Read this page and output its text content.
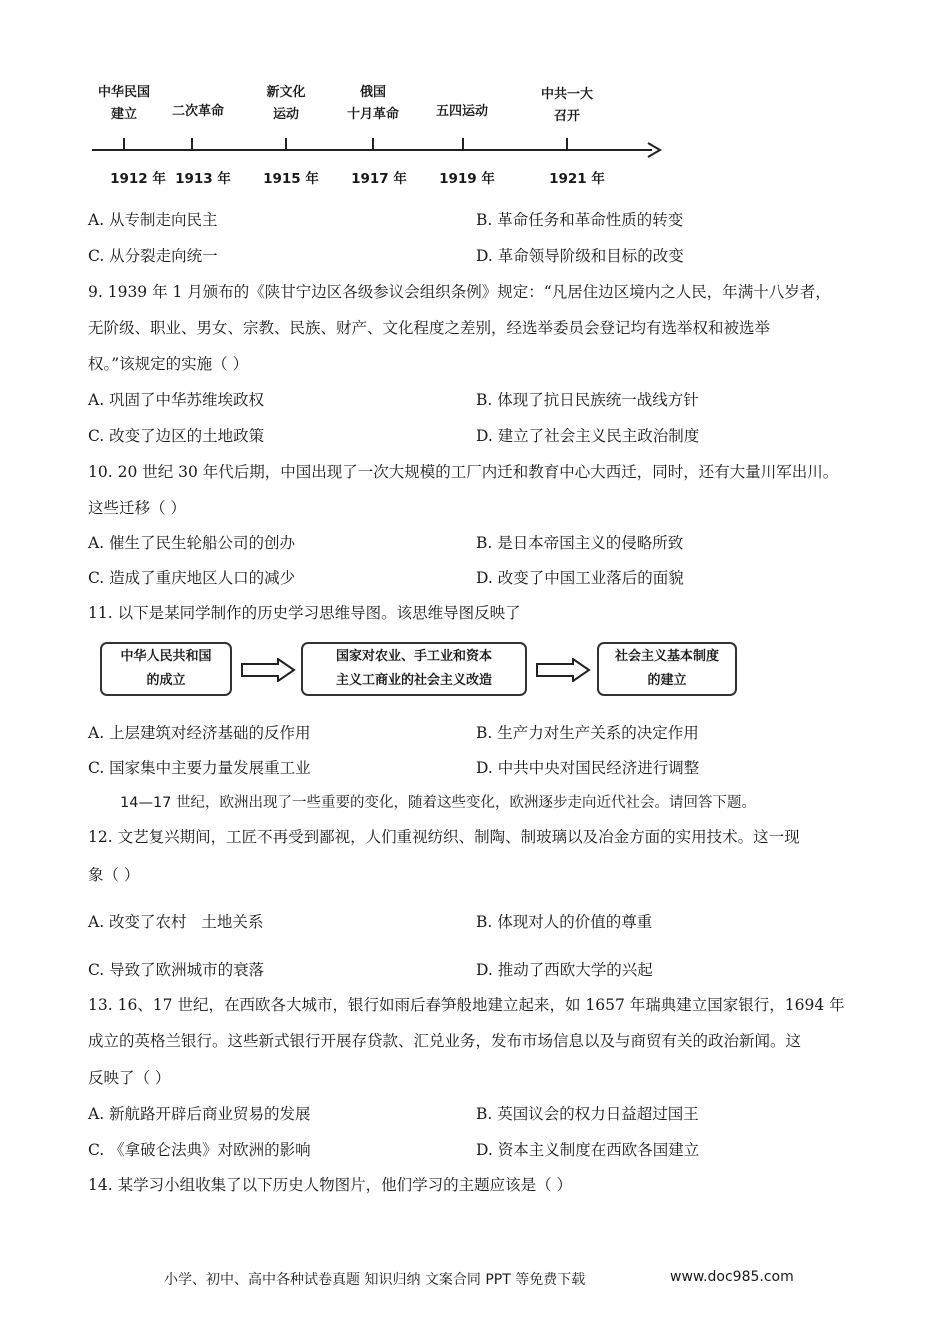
中华民国
建立	二次革命
新文化
运动
俄国
十月革命	五四运动
中共一大
召开
1912 年 1913 年 1915 年 1917 年 1919 年	1921 年
A. 从专制走向民主	B. 革命任务和革命性质的转变
C. 从分裂走向统一	D. 革命领导阶级和目标的改变
9. 1939 年 1 月颁布的《陕甘宁边区各级参议会组织条例》规定：“凡居住边区境内之人民，年满十八岁者，
无阶级、职业、男女、宗教、民族、财产、文化程度之差别，经选举委员会登记均有选举权和被选举
权。”该规定的实施（ ）
A. 巩固了中华苏维埃政权	B. 体现了抗日民族统一战线方针
C. 改变了边区的土地政策	D. 建立了社会主义民主政治制度
10. 20 世纪 30 年代后期，中国出现了一次大规模的工厂内迁和教育中心大西迁，同时，还有大量川军出川。
这些迁移（ ）
A. 催生了民生轮船公司的创办	B. 是日本帝国主义的侵略所致
C. 造成了重庆地区人口的减少	D. 改变了中国工业落后的面貌
11. 以下是某同学制作的历史学习思维导图。该思维导图反映了
中华人民共和国
的成立
国家对农业、手工业和资本
主义工商业的社会主义改造
社会主义基本制度
的建立
A. 上层建筑对经济基础的反作用	B. 生产力对生产关系的决定作用
C. 国家集中主要力量发展重工业	D. 中共中央对国民经济进行调整
14—17 世纪，欧洲出现了一些重要的变化，随着这些变化，欧洲逐步走向近代社会。请回答下题。
12. 文艺复兴期间，工匠不再受到鄙视，人们重视纺织、制陶、制玻璃以及冶金方面的实用技术。这一现
象（ ）
A. 改变了农村   土地关系	B. 体现对人的价值的尊重
C. 导致了欧洲城市的衰落	D. 推动了西欧大学的兴起
13. 16、17 世纪，在西欧各大城市，银行如雨后春笋般地建立起来，如 1657 年瑞典建立国家银行，1694 年
成立的英格兰银行。这些新式银行开展存贷款、汇兑业务，发布市场信息以及与商贸有关的政治新闻。这
反映了（ ）
A. 新航路开辟后商业贸易的发展	B. 英国议会的权力日益超过国王
C. 《拿破仑法典》对欧洲的影响	D. 资本主义制度在西欧各国建立
14. 某学习小组收集了以下历史人物图片，他们学习的主题应该是（ ）
小学、初中、高中各种试卷真题 知识归纳 文案合同 PPT 等免费下载	www.doc985.com
